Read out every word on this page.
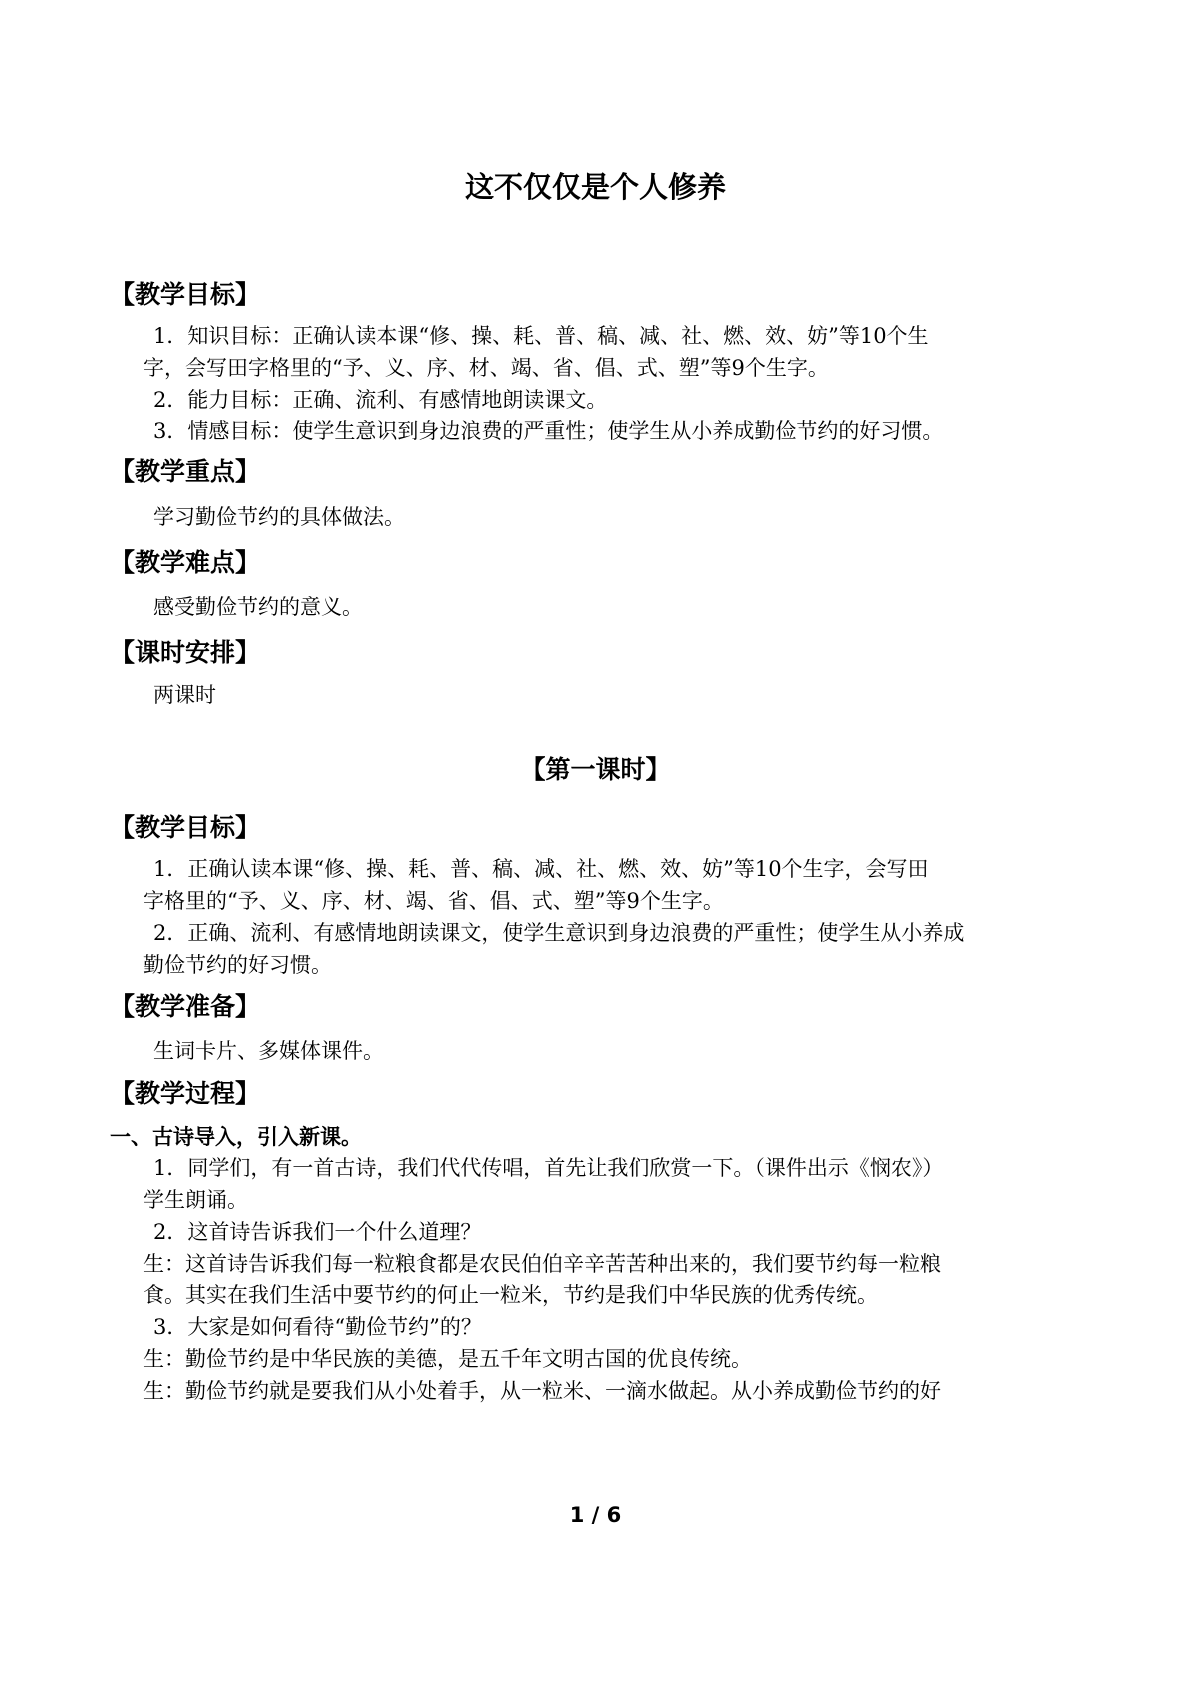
这不仅仅是个人修养
【教学目标】
1．知识目标：正确认读本课“修、操、耗、普、稿、减、社、燃、效、妨”等10个生
字，会写田字格里的“予、义、序、材、竭、省、倡、式、塑”等9个生字。
2．能力目标：正确、流利、有感情地朗读课文。
3．情感目标：使学生意识到身边浪费的严重性；使学生从小养成勤俭节约的好习惯。
【教学重点】
学习勤俭节约的具体做法。
【教学难点】
感受勤俭节约的意义。
【课时安排】
两课时
【第一课时】
【教学目标】
1．正确认读本课“修、操、耗、普、稿、减、社、燃、效、妨”等10个生字，会写田
字格里的“予、义、序、材、竭、省、倡、式、塑”等9个生字。
2．正确、流利、有感情地朗读课文，使学生意识到身边浪费的严重性；使学生从小养成
勤俭节约的好习惯。
【教学准备】
生词卡片、多媒体课件。
【教学过程】
一、古诗导入，引入新课。
1．同学们，有一首古诗，我们代代传唱，首先让我们欣赏一下。（课件出示《悯农》）
学生朗诵。
2．这首诗告诉我们一个什么道理？
生：这首诗告诉我们每一粒粮食都是农民伯伯辛辛苦苦种出来的，我们要节约每一粒粮
食。其实在我们生活中要节约的何止一粒米，节约是我们中华民族的优秀传统。
3．大家是如何看待“勤俭节约”的？
生：勤俭节约是中华民族的美德，是五千年文明古国的优良传统。
生：勤俭节约就是要我们从小处着手，从一粒米、一滴水做起。从小养成勤俭节约的好
1 / 6
